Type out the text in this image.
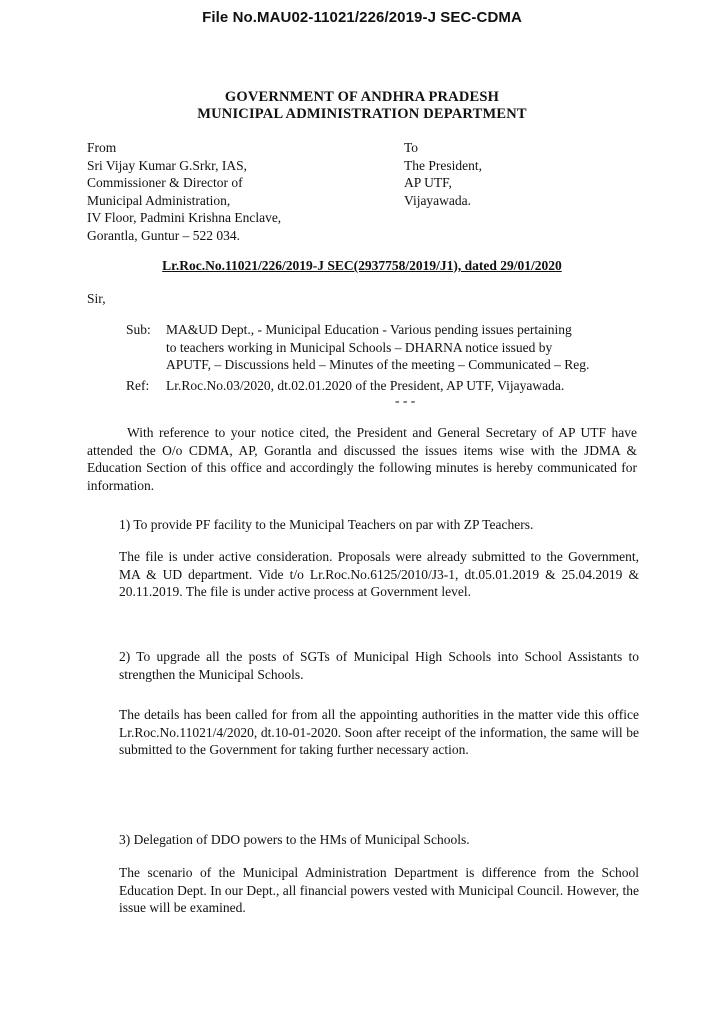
File No.MAU02-11021/226/2019-J SEC-CDMA
GOVERNMENT OF ANDHRA PRADESH
MUNICIPAL ADMINISTRATION DEPARTMENT
From
Sri Vijay Kumar G.Srkr, IAS,
Commissioner & Director of
Municipal Administration,
IV Floor, Padmini Krishna Enclave,
Gorantla, Guntur – 522 034.
To
The President,
AP UTF,
Vijayawada.
Lr.Roc.No.11021/226/2019-J SEC(2937758/2019/J1), dated 29/01/2020
Sir,
Sub:	MA&UD Dept., - Municipal Education - Various pending issues pertaining
to teachers working in Municipal Schools – DHARNA notice issued by
APUTF, – Discussions held – Minutes of the meeting – Communicated – Reg.
Ref:	Lr.Roc.No.03/2020, dt.02.01.2020 of the President, AP UTF, Vijayawada.
- - -
With reference to your notice cited, the President and General Secretary of AP UTF have attended the O/o CDMA, AP, Gorantla and discussed the issues items wise with the JDMA & Education Section of this office and accordingly the following minutes is hereby communicated for information.
1) To provide PF facility to the Municipal Teachers on par with ZP Teachers.
The file is under active consideration. Proposals were already submitted to the Government, MA & UD department. Vide t/o Lr.Roc.No.6125/2010/J3-1, dt.05.01.2019 & 25.04.2019 & 20.11.2019. The file is under active process at Government level.
2) To upgrade all the posts of SGTs of Municipal High Schools into School Assistants to strengthen the Municipal Schools.
The details has been called for from all the appointing authorities in the matter vide this office Lr.Roc.No.11021/4/2020, dt.10-01-2020. Soon after receipt of the information, the same will be submitted to the Government for taking further necessary action.
3) Delegation of DDO powers to the HMs of Municipal Schools.
The scenario of the Municipal Administration Department is difference from the School Education Dept. In our Dept., all financial powers vested with Municipal Council. However, the issue will be examined.
